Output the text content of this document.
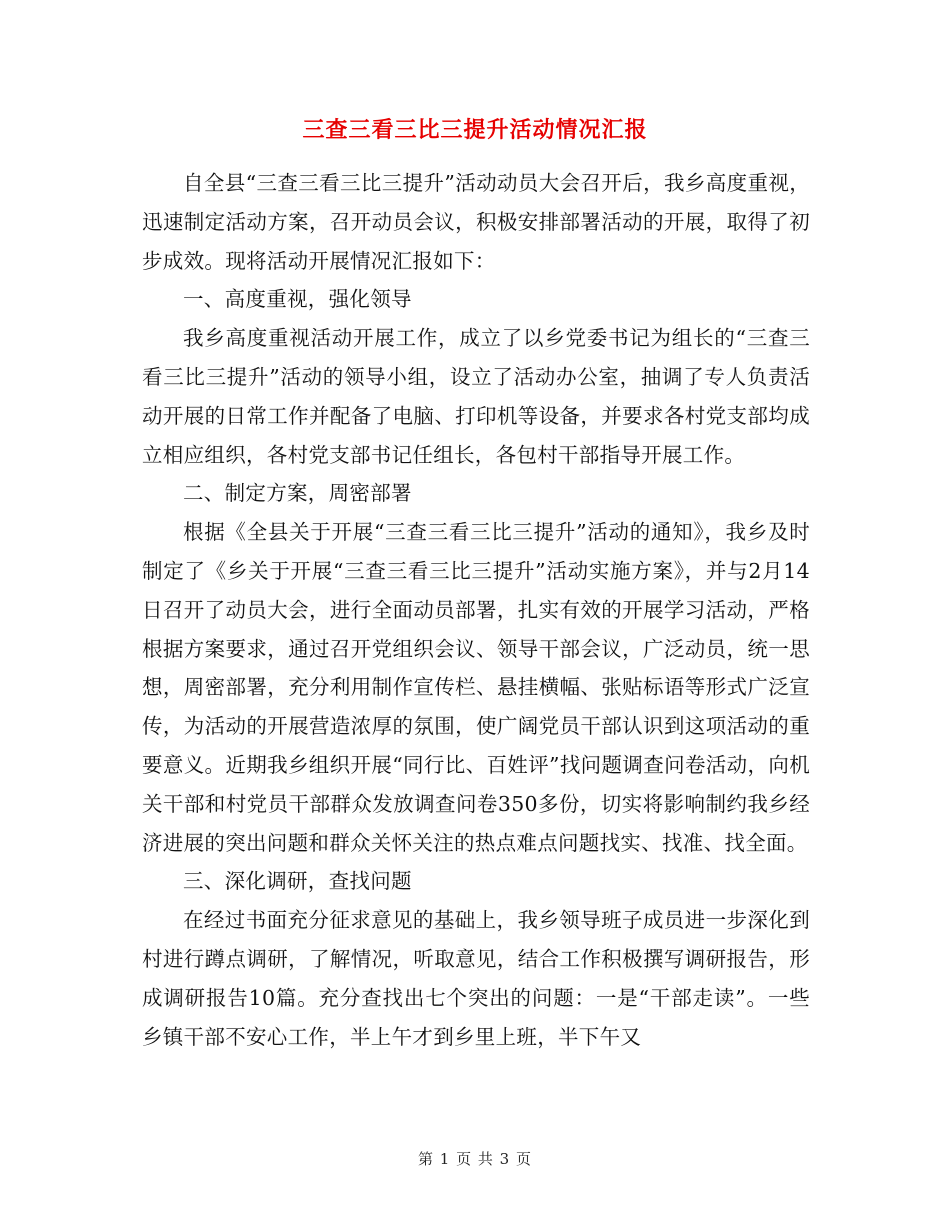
三查三看三比三提升活动情况汇报

自全县“三查三看三比三提升”活动动员大会召开后，我乡高度重视，迅速制定活动方案，召开动员会议，积极安排部署活动的开展，取得了初步成效。现将活动开展情况汇报如下：

一、高度重视，强化领导

我乡高度重视活动开展工作，成立了以乡党委书记为组长的“三查三看三比三提升”活动的领导小组，设立了活动办公室，抽调了专人负责活动开展的日常工作并配备了电脑、打印机等设备，并要求各村党支部均成立相应组织，各村党支部书记任组长，各包村干部指导开展工作。

二、制定方案，周密部署

根据《全县关于开展“三查三看三比三提升”活动的通知》，我乡及时制定了《乡关于开展“三查三看三比三提升”活动实施方案》，并与2月14日召开了动员大会，进行全面动员部署，扎实有效的开展学习活动，严格根据方案要求，通过召开党组织会议、领导干部会议，广泛动员，统一思想，周密部署，充分利用制作宣传栏、悬挂横幅、张贴标语等形式广泛宣传，为活动的开展营造浓厚的氛围，使广阔党员干部认识到这项活动的重要意义。近期我乡组织开展“同行比、百姓评”找问题调查问卷活动，向机关干部和村党员干部群众发放调查问卷350多份，切实将影响制约我乡经济进展的突出问题和群众关怀关注的热点难点问题找实、找准、找全面。

三、深化调研，查找问题

在经过书面充分征求意见的基础上，我乡领导班子成员进一步深化到村进行蹲点调研，了解情况，听取意见，结合工作积极撰写调研报告，形成调研报告10篇。充分查找出七个突出的问题：一是“干部走读”。一些乡镇干部不安心工作，半上午才到乡里上班，半下午又

第 1 页 共 3 页
